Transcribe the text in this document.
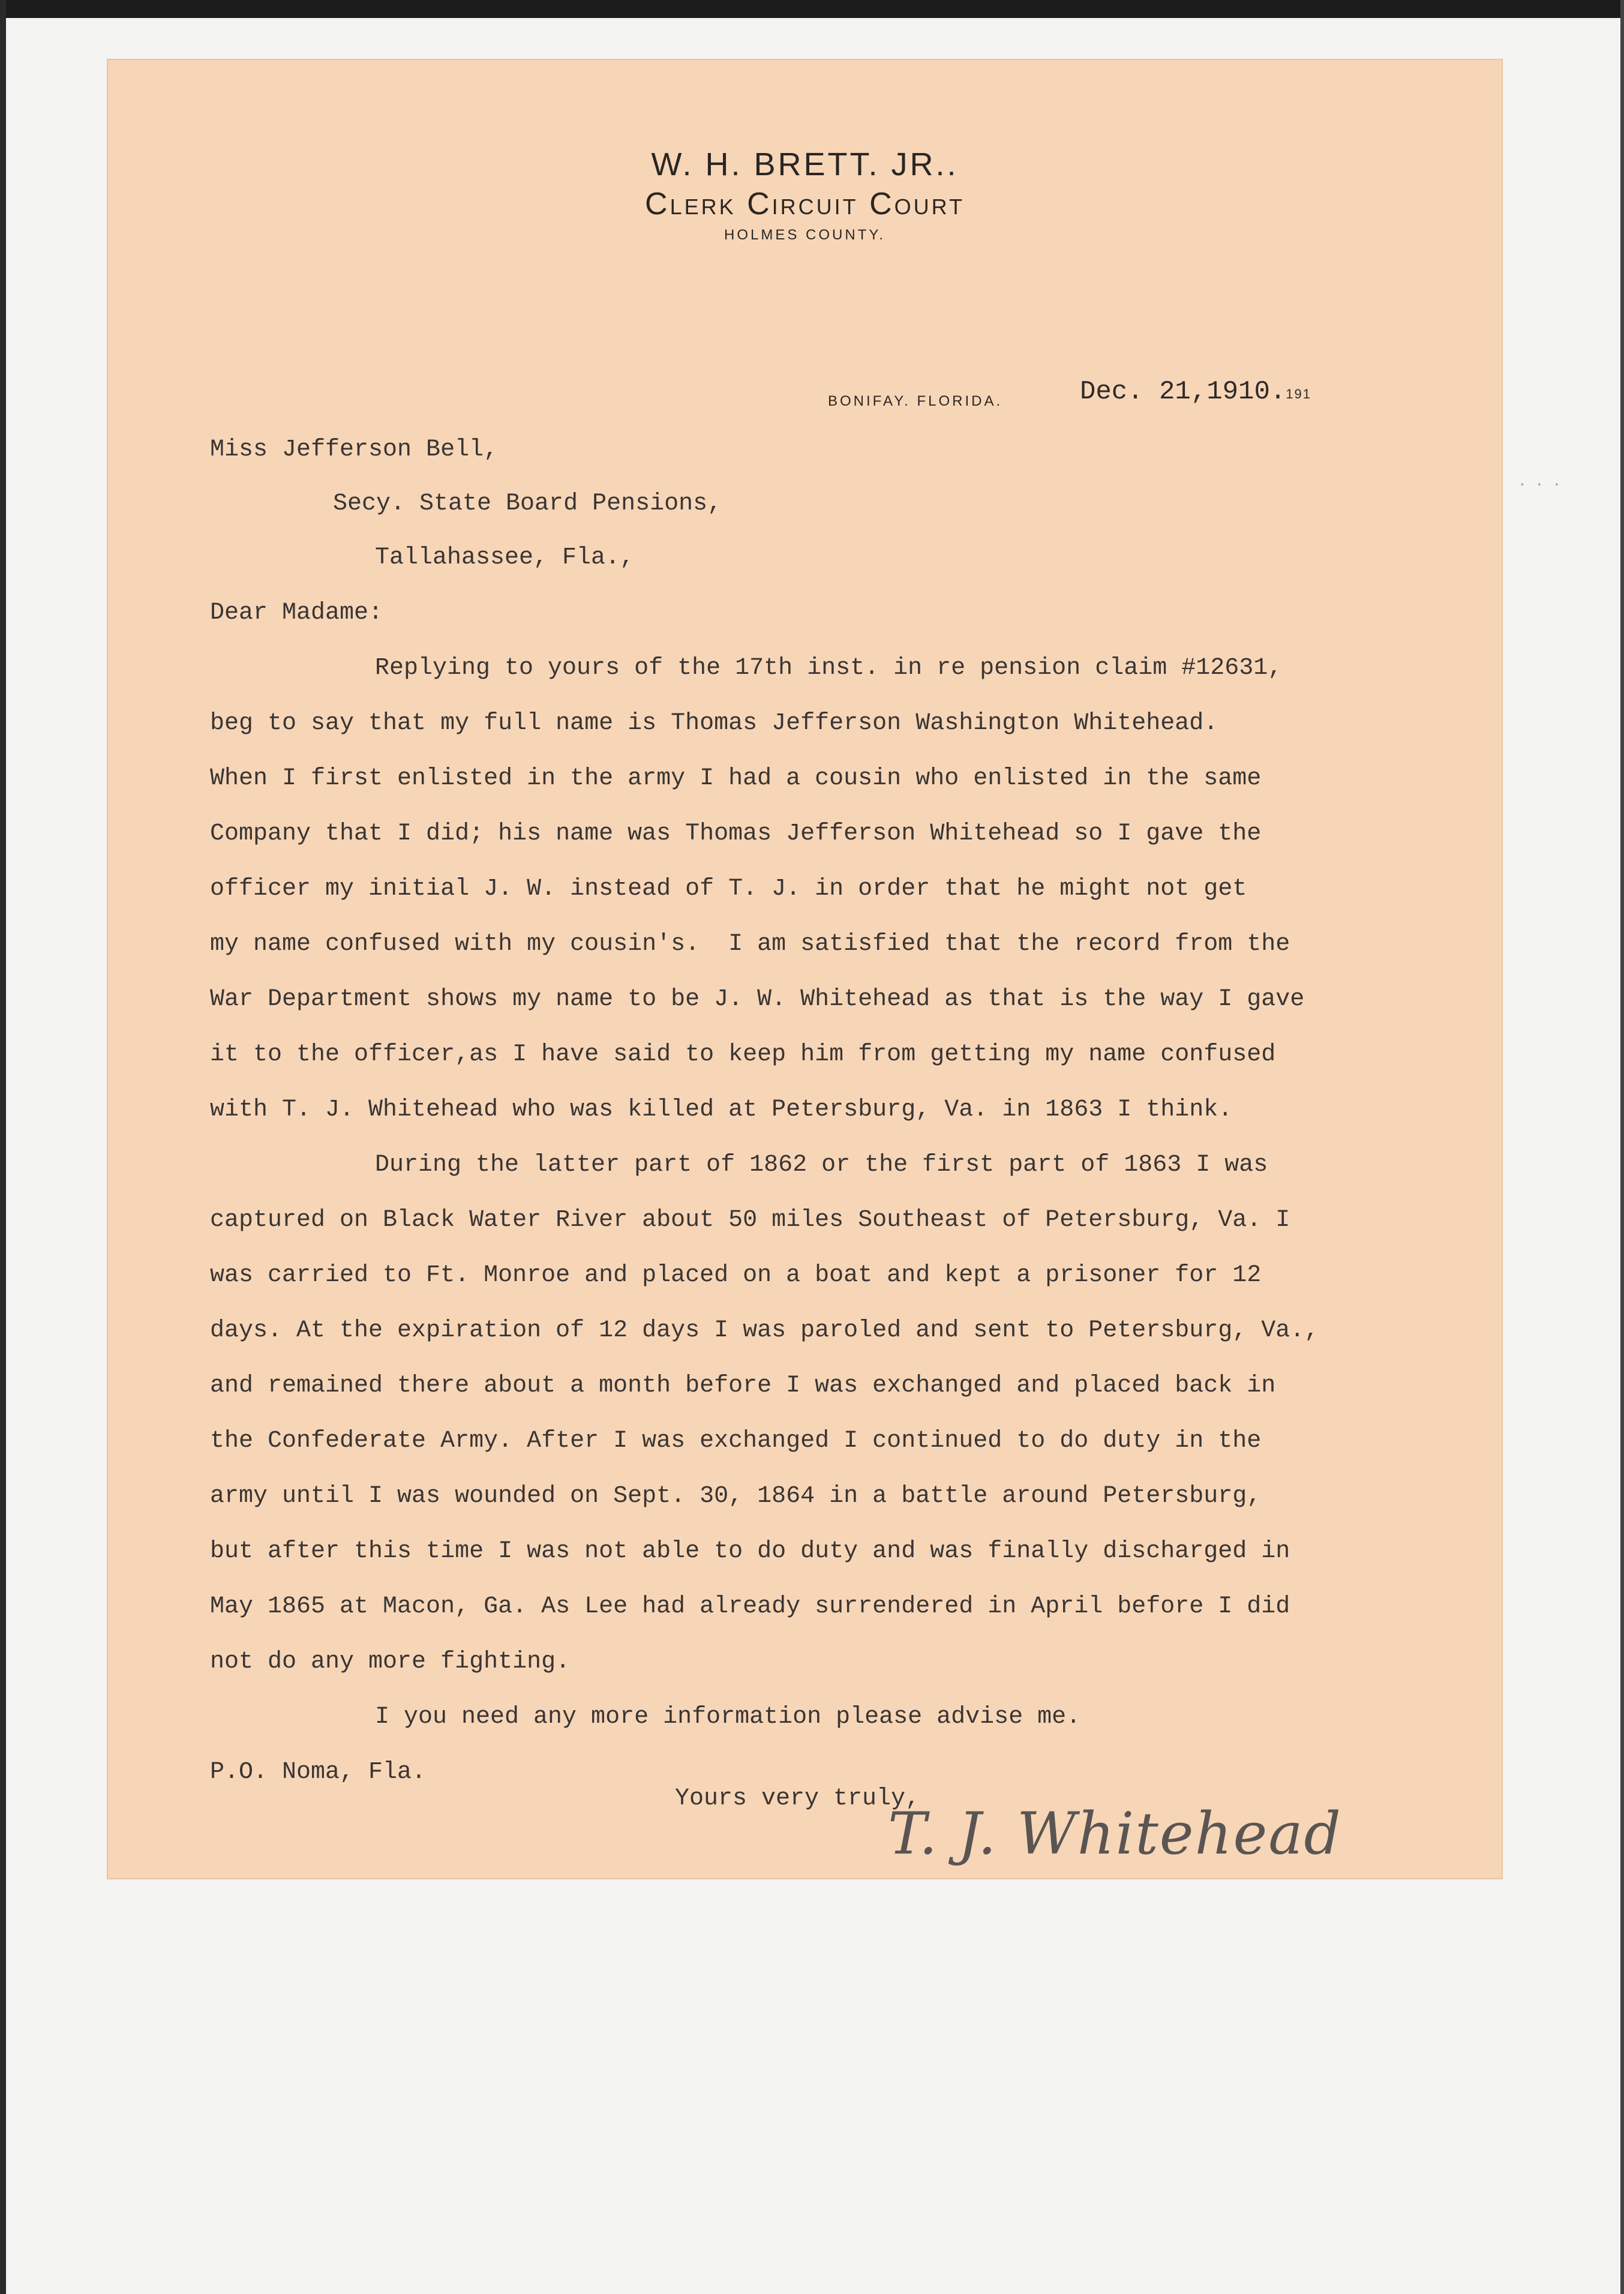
W. H. BRETT. JR..
Clerk Circuit Court
HOLMES COUNTY.
BONIFAY. FLORIDA.	Dec. 21,1910.191
Miss Jefferson Bell,
Secy. State Board Pensions,
Tallahassee, Fla.,
Dear Madame:
Replying to yours of the 17th inst. in re pension claim #12631,
beg to say that my full name is Thomas Jefferson Washington Whitehead.
When I first enlisted in the army I had a cousin who enlisted in the same
Company that I did; his name was Thomas Jefferson Whitehead so I gave the
officer my initial J. W. instead of T. J. in order that he might not get
my name confused with my cousin's.  I am satisfied that the record from the
War Department shows my name to be J. W. Whitehead as that is the way I gave
it to the officer,as I have said to keep him from getting my name confused
with T. J. Whitehead who was killed at Petersburg, Va. in 1863 I think.
During the latter part of 1862 or the first part of 1863 I was
captured on Black Water River about 50 miles Southeast of Petersburg, Va. I
was carried to Ft. Monroe and placed on a boat and kept a prisoner for 12
days. At the expiration of 12 days I was paroled and sent to Petersburg, Va.,
and remained there about a month before I was exchanged and placed back in
the Confederate Army. After I was exchanged I continued to do duty in the
army until I was wounded on Sept. 30, 1864 in a battle around Petersburg,
but after this time I was not able to do duty and was finally discharged in
May 1865 at Macon, Ga. As Lee had already surrendered in April before I did
not do any more fighting.
I you need any more information please advise me.
P.O. Noma, Fla.
Yours very truly,
T. J. Whitehead
. . .
